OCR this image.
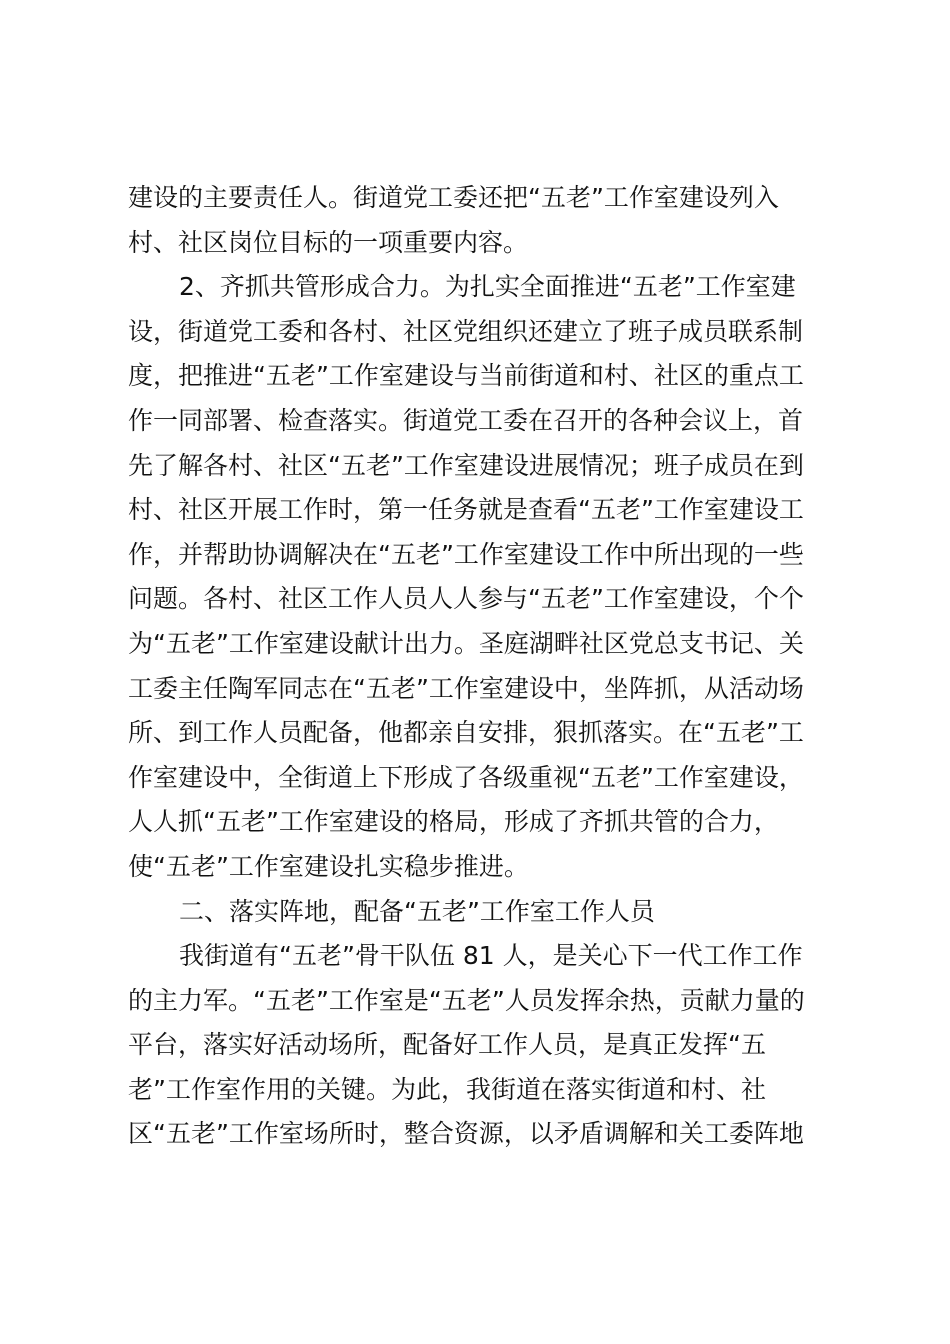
建设的主要责任人。街道党工委还把“五老”工作室建设列入
村、社区岗位目标的一项重要内容。
2、齐抓共管形成合力。为扎实全面推进“五老”工作室建
设，街道党工委和各村、社区党组织还建立了班子成员联系制
度，把推进“五老”工作室建设与当前街道和村、社区的重点工
作一同部署、检查落实。街道党工委在召开的各种会议上，首
先了解各村、社区“五老”工作室建设进展情况；班子成员在到
村、社区开展工作时，第一任务就是查看“五老”工作室建设工
作，并帮助协调解决在“五老”工作室建设工作中所出现的一些
问题。各村、社区工作人员人人参与“五老”工作室建设，个个
为“五老”工作室建设献计出力。圣庭湖畔社区党总支书记、关
工委主任陶军同志在“五老”工作室建设中，坐阵抓，从活动场
所、到工作人员配备，他都亲自安排，狠抓落实。在“五老”工
作室建设中，全街道上下形成了各级重视“五老”工作室建设，
人人抓“五老”工作室建设的格局，形成了齐抓共管的合力，
使“五老”工作室建设扎实稳步推进。
二、落实阵地，配备“五老”工作室工作人员
我街道有“五老”骨干队伍 81 人，是关心下一代工作工作
的主力军。“五老”工作室是“五老”人员发挥余热，贡献力量的
平台，落实好活动场所，配备好工作人员，是真正发挥“五
老”工作室作用的关键。为此，我街道在落实街道和村、社
区“五老”工作室场所时，整合资源，以矛盾调解和关工委阵地
